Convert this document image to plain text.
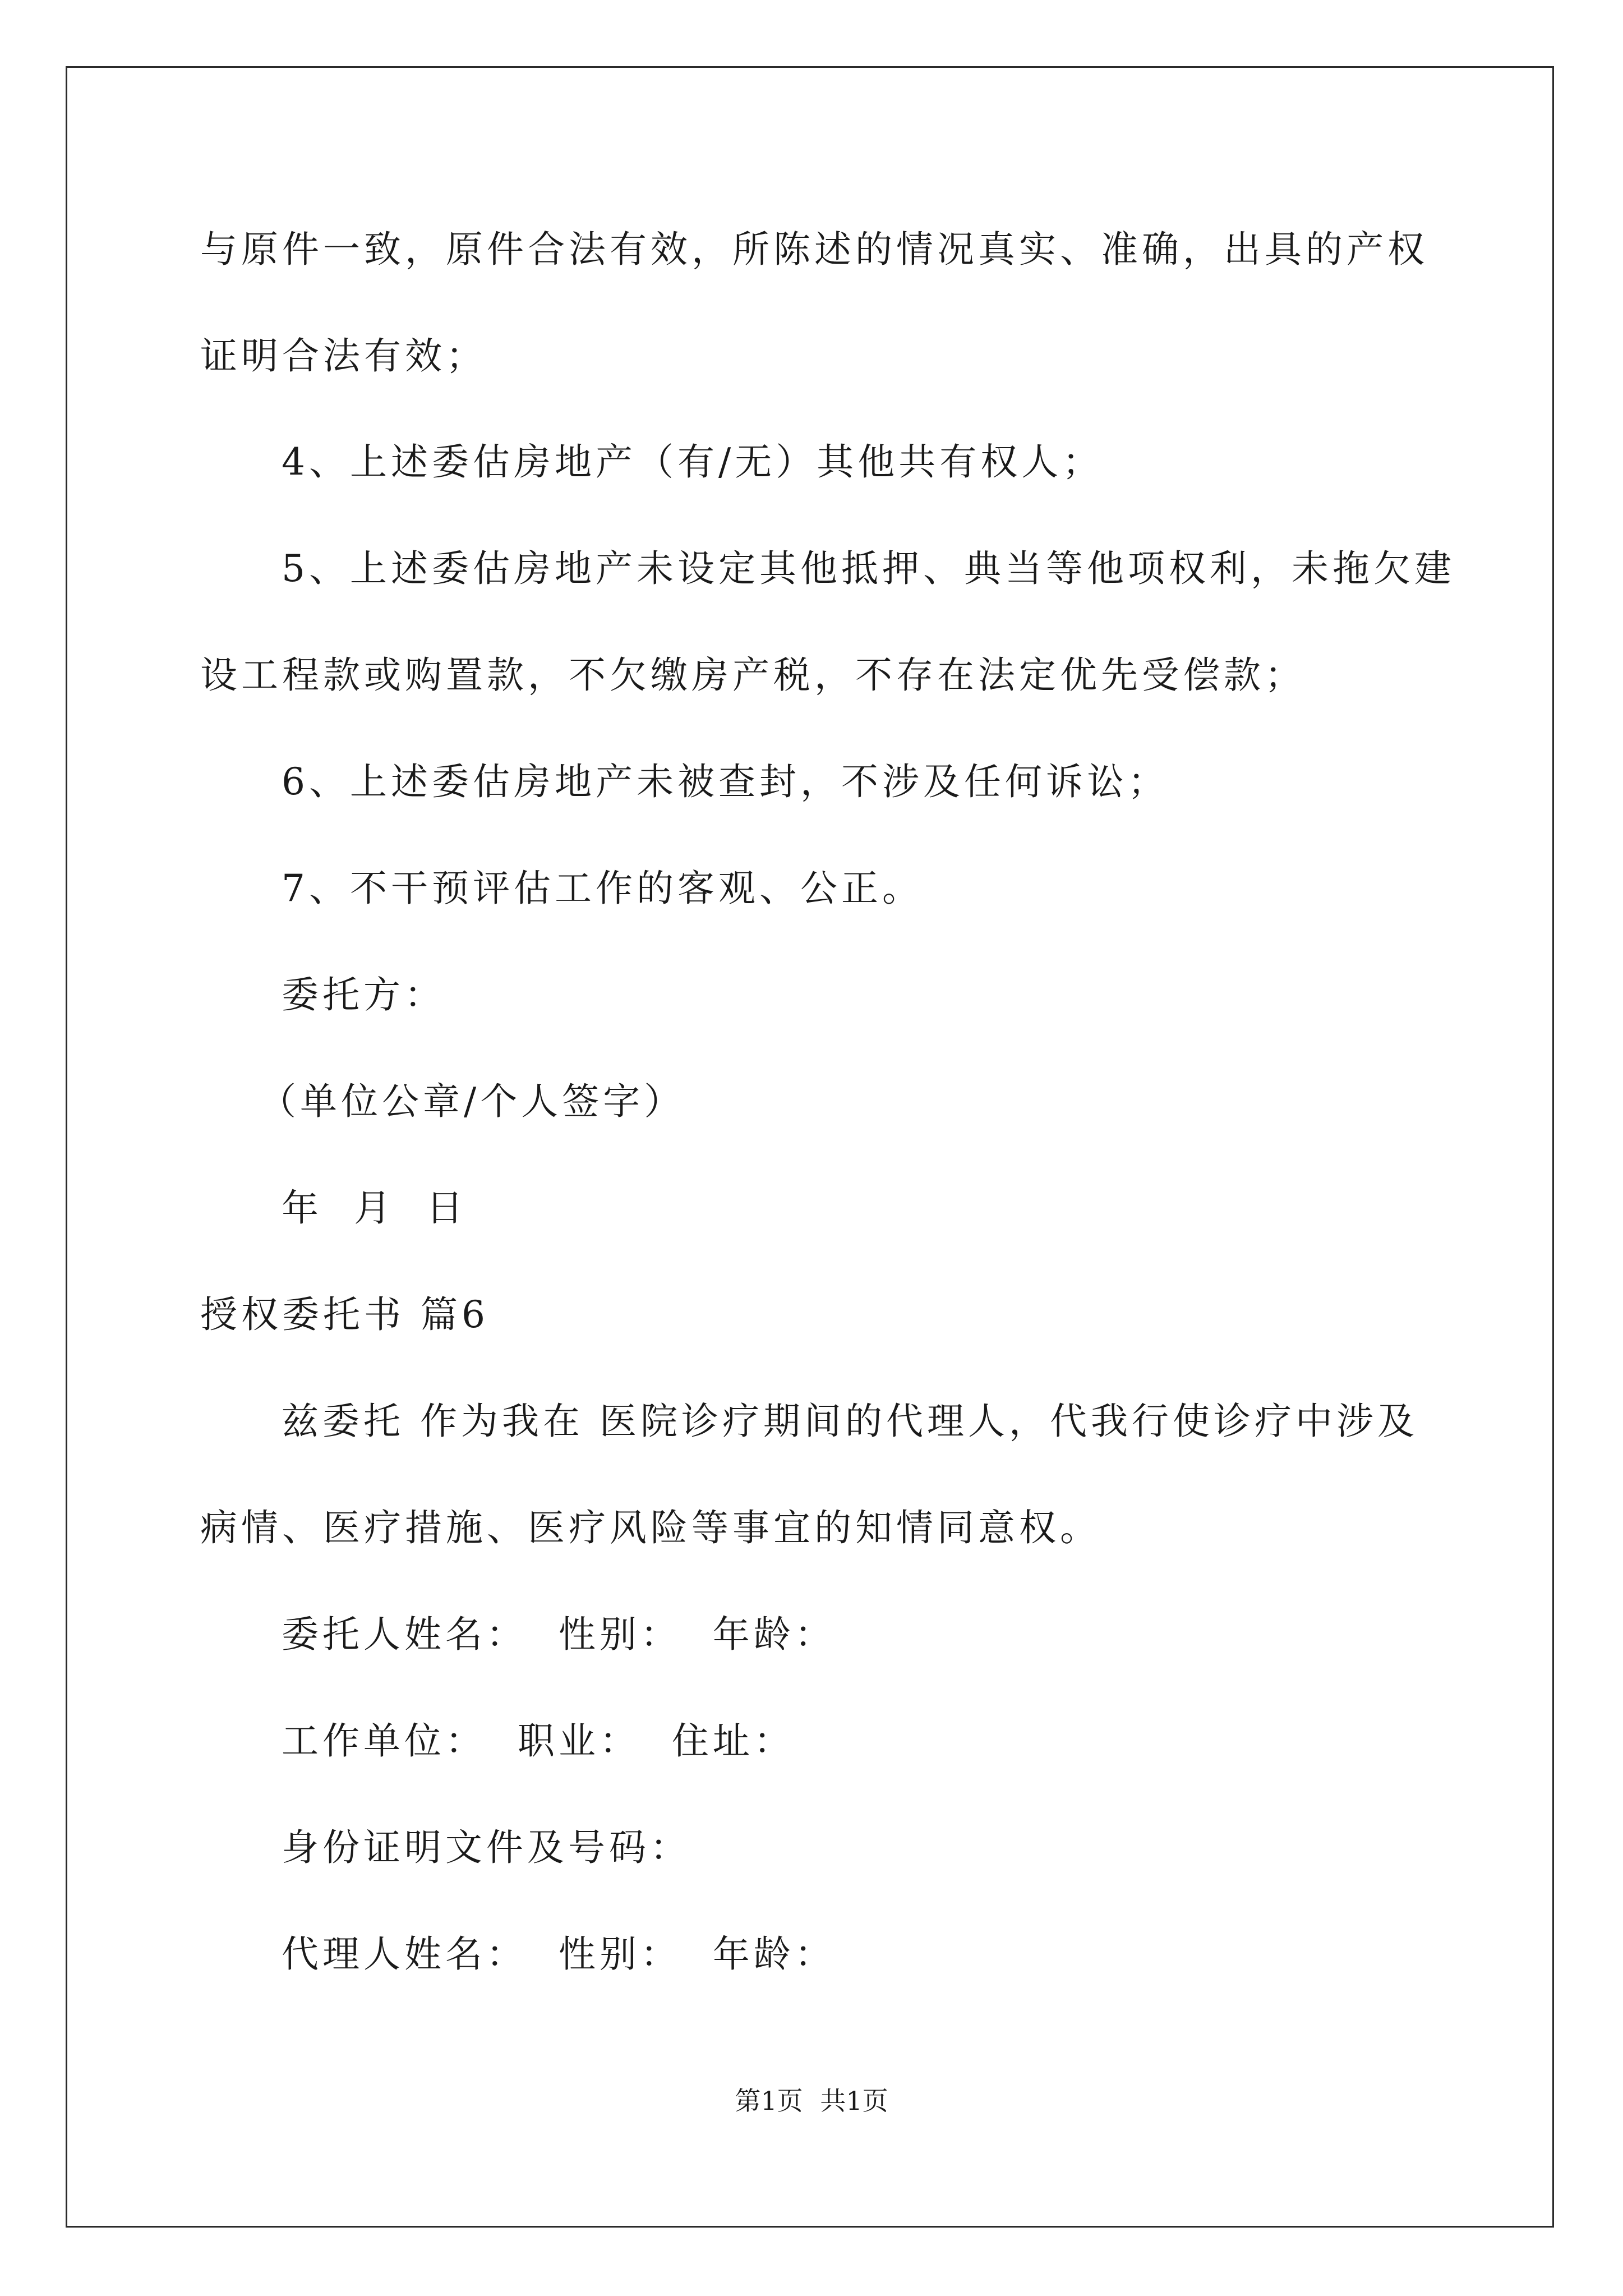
与原件一致，原件合法有效，所陈述的情况真实、准确，出具的产权
证明合法有效；
4、上述委估房地产（有/无）其他共有权人；
5、上述委估房地产未设定其他抵押、典当等他项权利，未拖欠建
设工程款或购置款，不欠缴房产税，不存在法定优先受偿款；
6、上述委估房地产未被查封，不涉及任何诉讼；
7、不干预评估工作的客观、公正。
委托方：
（单位公章/个人签字）
年  月  日
授权委托书 篇6
兹委托 作为我在 医院诊疗期间的代理人，代我行使诊疗中涉及
病情、医疗措施、医疗风险等事宜的知情同意权。
委托人姓名：  性别：  年龄：
工作单位：  职业：  住址：
身份证明文件及号码：
代理人姓名：  性别：  年龄：
第1页 共1页
